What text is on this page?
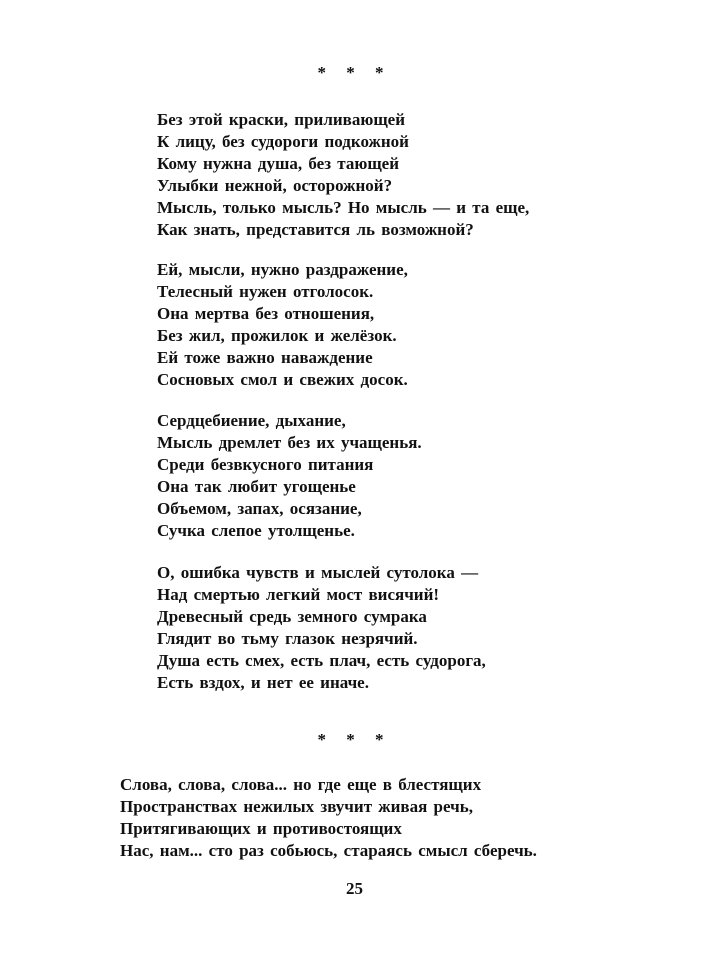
* * *
Без этой краски, приливающей
К лицу, без судороги подкожной
Кому нужна душа, без тающей
Улыбки нежной, осторожной?
Мысль, только мысль? Но мысль — и та еще,
Как знать, представится ль возможной?
Ей, мысли, нужно раздражение,
Телесный нужен отголосок.
Она мертва без отношения,
Без жил, прожилок и желёзок.
Ей тоже важно наваждение
Сосновых смол и свежих досок.
Сердцебиение, дыхание,
Мысль дремлет без их учащенья.
Среди безвкусного питания
Она так любит угощенье
Объемом, запах, осязание,
Сучка слепое утолщенье.
О, ошибка чувств и мыслей сутолока —
Над смертью легкий мост висячий!
Древесный средь земного сумрака
Глядит во тьму глазок незрячий.
Душа есть смех, есть плач, есть судорога,
Есть вздох, и нет ее иначе.
* * *
Слова, слова, слова... но где еще в блестящих
Пространствах нежилых звучит живая речь,
Притягивающих и противостоящих
Нас, нам... сто раз собьюсь, стараясь смысл сберечь.
25
